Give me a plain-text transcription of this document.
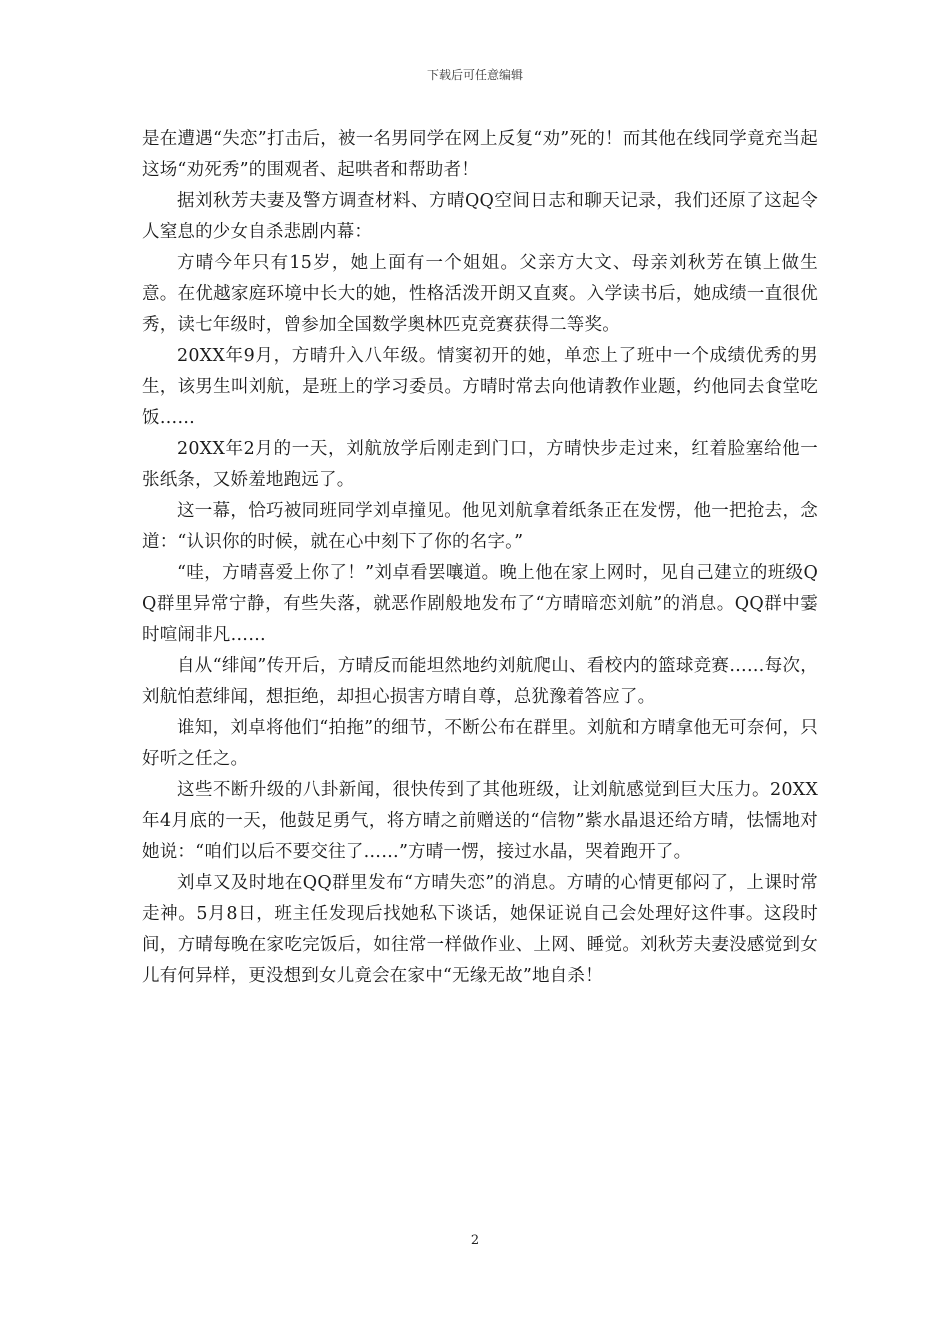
下载后可任意编辑

是在遭遇“失恋”打击后，被一名男同学在网上反复“劝”死的！而其他在线同学竟充当起这场“劝死秀”的围观者、起哄者和帮助者！

据刘秋芳夫妻及警方调查材料、方晴QQ空间日志和聊天记录，我们还原了这起令人窒息的少女自杀悲剧内幕：

方晴今年只有15岁，她上面有一个姐姐。父亲方大文、母亲刘秋芳在镇上做生意。在优越家庭环境中长大的她，性格活泼开朗又直爽。入学读书后，她成绩一直很优秀，读七年级时，曾参加全国数学奥林匹克竞赛获得二等奖。

20XX年9月，方晴升入八年级。情窦初开的她，单恋上了班中一个成绩优秀的男生，该男生叫刘航，是班上的学习委员。方晴时常去向他请教作业题，约他同去食堂吃饭……

20XX年2月的一天，刘航放学后刚走到门口，方晴快步走过来，红着脸塞给他一张纸条，又娇羞地跑远了。

这一幕，恰巧被同班同学刘卓撞见。他见刘航拿着纸条正在发愣，他一把抢去，念道：“认识你的时候，就在心中刻下了你的名字。”

“哇，方晴喜爱上你了！”刘卓看罢嚷道。晚上他在家上网时，见自己建立的班级QQ群里异常宁静，有些失落，就恶作剧般地发布了“方晴暗恋刘航”的消息。QQ群中霎时喧闹非凡……

自从“绯闻”传开后，方晴反而能坦然地约刘航爬山、看校内的篮球竞赛……每次，刘航怕惹绯闻，想拒绝，却担心损害方晴自尊，总犹豫着答应了。

谁知，刘卓将他们“拍拖”的细节，不断公布在群里。刘航和方晴拿他无可奈何，只好听之任之。

这些不断升级的八卦新闻，很快传到了其他班级，让刘航感觉到巨大压力。20XX年4月底的一天，他鼓足勇气，将方晴之前赠送的“信物”紫水晶退还给方晴，怯懦地对她说：“咱们以后不要交往了……”方晴一愣，接过水晶，哭着跑开了。

刘卓又及时地在QQ群里发布“方晴失恋”的消息。方晴的心情更郁闷了，上课时常走神。5月8日，班主任发现后找她私下谈话，她保证说自己会处理好这件事。这段时间，方晴每晚在家吃完饭后，如往常一样做作业、上网、睡觉。刘秋芳夫妻没感觉到女儿有何异样，更没想到女儿竟会在家中“无缘无故”地自杀！

2
